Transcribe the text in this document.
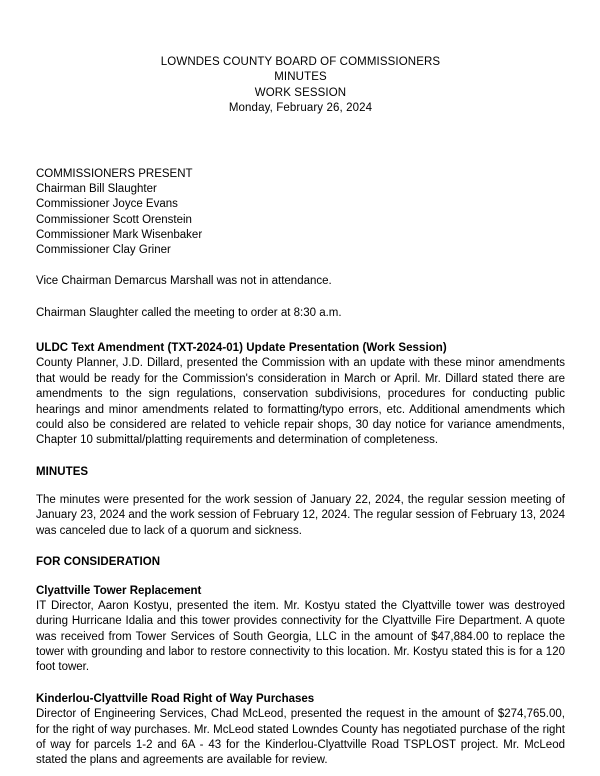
LOWNDES COUNTY BOARD OF COMMISSIONERS
MINUTES
WORK SESSION
Monday, February 26, 2024
COMMISSIONERS PRESENT
Chairman Bill Slaughter
Commissioner Joyce Evans
Commissioner Scott Orenstein
Commissioner Mark Wisenbaker
Commissioner Clay Griner
Vice Chairman Demarcus Marshall was not in attendance.
Chairman Slaughter called the meeting to order at 8:30 a.m.
ULDC Text Amendment (TXT-2024-01) Update Presentation (Work Session)

County Planner, J.D. Dillard, presented the Commission with an update with these minor amendments that would be ready for the Commission's consideration in March or April. Mr. Dillard stated there are amendments to the sign regulations, conservation subdivisions, procedures for conducting public hearings and minor amendments related to formatting/typo errors, etc. Additional amendments which could also be considered are related to vehicle repair shops, 30 day notice for variance amendments, Chapter 10 submittal/platting requirements and determination of completeness.

MINUTES

The minutes were presented for the work session of January 22, 2024, the regular session meeting of January 23, 2024 and the work session of February 12, 2024. The regular session of February 13, 2024 was canceled due to lack of a quorum and sickness.

FOR CONSIDERATION
Clyattville Tower Replacement

IT Director, Aaron Kostyu, presented the item. Mr. Kostyu stated the Clyattville tower was destroyed during Hurricane Idalia and this tower provides connectivity for the Clyattville Fire Department. A quote was received from Tower Services of South Georgia, LLC in the amount of $47,884.00 to replace the tower with grounding and labor to restore connectivity to this location. Mr. Kostyu stated this is for a 120 foot tower.

Kinderlou-Clyattville Road Right of Way Purchases

Director of Engineering Services, Chad McLeod, presented the request in the amount of $274,765.00, for the right of way purchases. Mr. McLeod stated Lowndes County has negotiated purchase of the right of way for parcels 1-2 and 6A - 43 for the Kinderlou-Clyattville Road TSPLOST project. Mr. McLeod stated the plans and agreements are available for review.
